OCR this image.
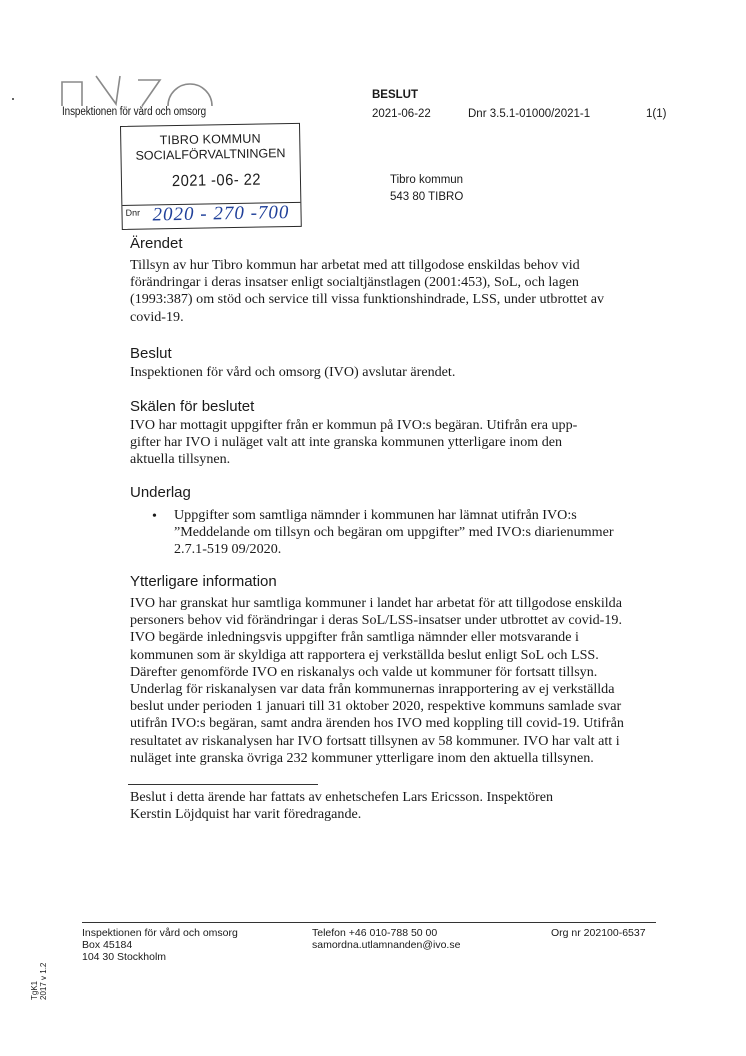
Inspektionen för vård och omsorg
BESLUT
2021-06-22	Dnr 3.5.1-01000/2021-1	1(1)
TIBRO KOMMUN
SOCIALFÖRVALTNINGEN
2021 -06- 22
Dnr 2020 - 270 -700
Tibro kommun
543 80 TIBRO
Ärendet
Tillsyn av hur Tibro kommun har arbetat med att tillgodose enskildas behov vid
förändringar i deras insatser enligt socialtjänstlagen (2001:453), SoL, och lagen
(1993:387) om stöd och service till vissa funktionshindrade, LSS, under utbrottet av
covid-19.
Beslut
Inspektionen för vård och omsorg (IVO) avslutar ärendet.
Skälen för beslutet
IVO har mottagit uppgifter från er kommun på IVO:s begäran. Utifrån era upp-
gifter har IVO i nuläget valt att inte granska kommunen ytterligare inom den
aktuella tillsynen.
Underlag
• Uppgifter som samtliga nämnder i kommunen har lämnat utifrån IVO:s
”Meddelande om tillsyn och begäran om uppgifter” med IVO:s diarienummer
2.7.1-519 09/2020.
Ytterligare information
IVO har granskat hur samtliga kommuner i landet har arbetat för att tillgodose enskilda
personers behov vid förändringar i deras SoL/LSS-insatser under utbrottet av covid-19.
IVO begärde inledningsvis uppgifter från samtliga nämnder eller motsvarande i
kommunen som är skyldiga att rapportera ej verkställda beslut enligt SoL och LSS.
Därefter genomförde IVO en riskanalys och valde ut kommuner för fortsatt tillsyn.
Underlag för riskanalysen var data från kommunernas inrapportering av ej verkställda
beslut under perioden 1 januari till 31 oktober 2020, respektive kommuns samlade svar
utifrån IVO:s begäran, samt andra ärenden hos IVO med koppling till covid-19. Utifrån
resultatet av riskanalysen har IVO fortsatt tillsynen av 58 kommuner. IVO har valt att i
nuläget inte granska övriga 232 kommuner ytterligare inom den aktuella tillsynen.
Beslut i detta ärende har fattats av enhetschefen Lars Ericsson. Inspektören
Kerstin Löjdquist har varit föredragande.
Inspektionen för vård och omsorg
Box 45184
104 30 Stockholm
Telefon +46 010-788 50 00
samordna.utlamnanden@ivo.se
Org nr 202100-6537
TgK1 2017 v 1.2
